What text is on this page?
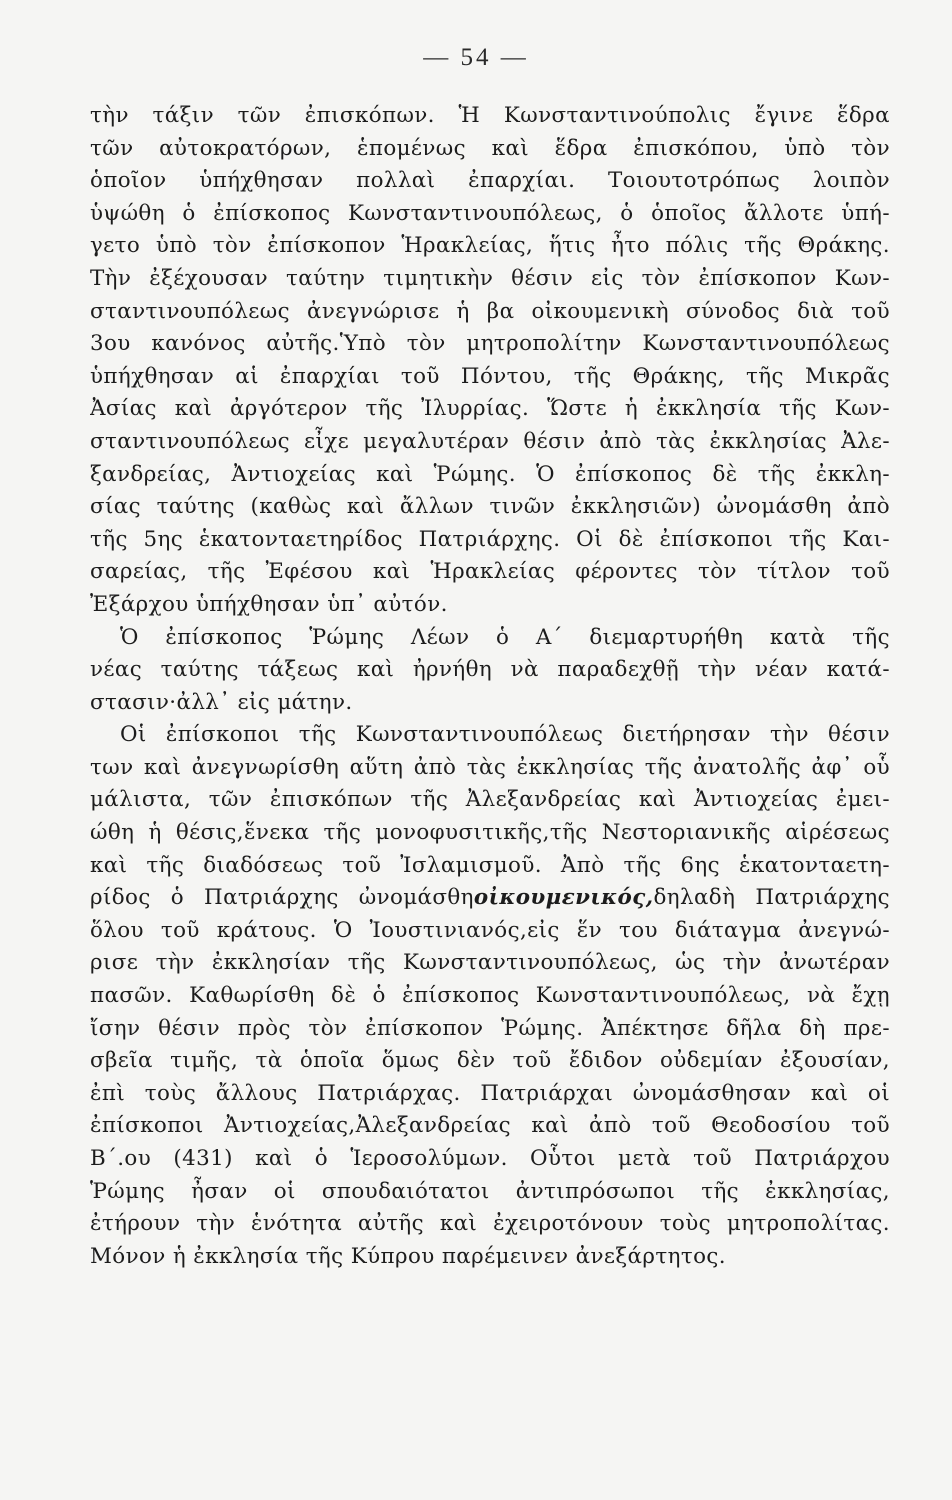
— 54 —
τὴν τάξιν τῶν ἐπισκόπων. Ἡ Κωνσταντινούπολις ἔγινε ἕδρα
τῶν αὐτοκρατόρων, ἑπομένως καὶ ἕδρα ἐπισκόπου, ὑπὸ τὸν
ὁποῖον ὑπήχθησαν πολλαὶ ἐπαρχίαι. Τοιουτοτρόπως λοιπὸν
ὑψώθη ὁ ἐπίσκοπος Κωνσταντινουπόλεως, ὁ ὁποῖος ἄλλοτε ὑπή-
γετο ὑπὸ τὸν ἐπίσκοπον Ἡρακλείας, ἥτις ἦτο πόλις τῆς Θράκης.
Τὴν ἐξέχουσαν ταύτην τιμητικὴν θέσιν εἰς τὸν ἐπίσκοπον Κων-
σταντινουπόλεως ἀνεγνώρισε ἡ βα οἰκουμενικὴ σύνοδος διὰ τοῦ
3ου κανόνος αὐτῆς.Ὑπὸ τὸν μητροπολίτην Κωνσταντινουπόλεως
ὑπήχθησαν αἱ ἐπαρχίαι τοῦ Πόντου, τῆς Θράκης, τῆς Μικρᾶς
Ἀσίας καὶ ἀργότερον τῆς Ἰλυρρίας. Ὥστε ἡ ἐκκλησία τῆς Κων-
σταντινουπόλεως εἶχε μεγαλυτέραν θέσιν ἀπὸ τὰς ἐκκλησίας Ἀλε-
ξανδρείας, Ἀντιοχείας καὶ Ῥώμης. Ὁ ἐπίσκοπος δὲ τῆς ἐκκλη-
σίας ταύτης (καθὼς καὶ ἄλλων τινῶν ἐκκλησιῶν) ὠνομάσθη ἀπὸ
τῆς 5ης ἑκατονταετηρίδος Πατριάρχης. Οἱ δὲ ἐπίσκοποι τῆς Και-
σαρείας, τῆς Ἐφέσου καὶ Ἡρακλείας φέροντες τὸν τίτλον τοῦ
Ἐξάρχου ὑπήχθησαν ὑπ᾽ αὐτόν.
Ὁ ἐπίσκοπος Ῥώμης Λέων ὁ Α΄ διεμαρτυρήθη κατὰ τῆς
νέας ταύτης τάξεως καὶ ἠρνήθη νὰ παραδεχθῇ τὴν νέαν κατά-
στασιν·ἀλλ᾽ εἰς μάτην.
Οἱ ἐπίσκοποι τῆς Κωνσταντινουπόλεως διετήρησαν τὴν θέσιν
των καὶ ἀνεγνωρίσθη αὕτη ἀπὸ τὰς ἐκκλησίας τῆς ἀνατολῆς ἀφ᾽ οὗ
μάλιστα, τῶν ἐπισκόπων τῆς Ἀλεξανδρείας καὶ Ἀντιοχείας ἐμει-
ώθη ἡ θέσις,ἕνεκα τῆς μονοφυσιτικῆς,τῆς Νεστοριανικῆς αἱρέσεως
καὶ τῆς διαδόσεως τοῦ Ἰσλαμισμοῦ. Ἀπὸ τῆς 6ης ἑκατονταετη-
ρίδος ὁ Πατριάρχης ὠνομάσθηοἰκουμενικός,δηλαδὴ Πατριάρχης
ὅλου τοῦ κράτους. Ὁ Ἰουστινιανός,εἰς ἕν του διάταγμα ἀνεγνώ-
ρισε τὴν ἐκκλησίαν τῆς Κωνσταντινουπόλεως, ὡς τὴν ἀνωτέραν
πασῶν. Καθωρίσθη δὲ ὁ ἐπίσκοπος Κωνσταντινουπόλεως, νὰ ἔχῃ
ἴσην θέσιν πρὸς τὸν ἐπίσκοπον Ῥώμης. Ἀπέκτησε δῆλα δὴ πρε-
σβεῖα τιμῆς, τὰ ὁποῖα ὅμως δὲν τοῦ ἔδιδον οὐδεμίαν ἐξουσίαν,
ἐπὶ τοὺς ἄλλους Πατριάρχας. Πατριάρχαι ὠνομάσθησαν καὶ οἱ
ἐπίσκοποι Ἀντιοχείας,Ἀλεξανδρείας καὶ ἀπὸ τοῦ Θεοδοσίου τοῦ
Β΄.ου (431) καὶ ὁ Ἱεροσολύμων. Οὗτοι μετὰ τοῦ Πατριάρχου
Ῥώμης ἦσαν οἱ σπουδαιότατοι ἀντιπρόσωποι τῆς ἐκκλησίας,
ἐτήρουν τὴν ἑνότητα αὐτῆς καὶ ἐχειροτόνουν τοὺς μητροπολίτας.
Μόνον ἡ ἐκκλησία τῆς Κύπρου παρέμεινεν ἀνεξάρτητος.
